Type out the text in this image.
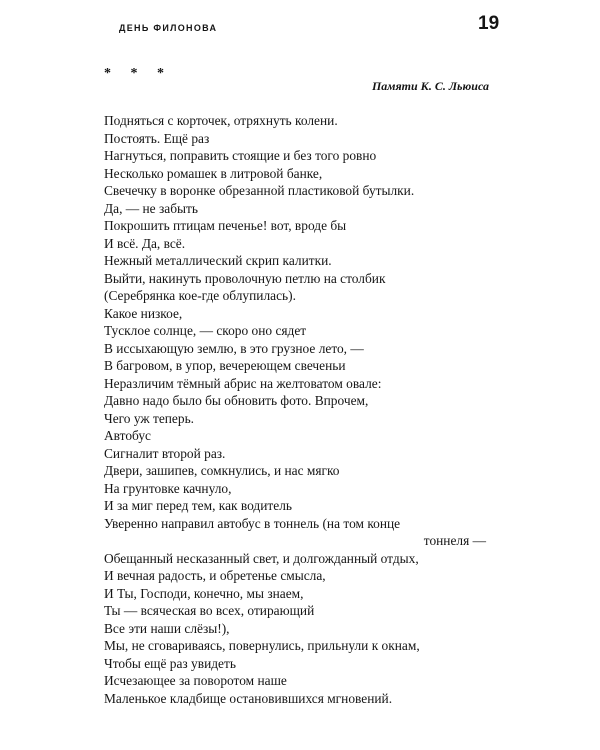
ДЕНЬ ФИЛОНОВА	19
* * *
Памяти К. С. Льюиса
Подняться с корточек, отряхнуть колени.
Постоять. Ещё раз
Нагнуться, поправить стоящие и без того ровно
Несколько ромашек в литровой банке,
Свечечку в воронке обрезанной пластиковой бутылки.
Да, — не забыть
Покрошить птицам печенье! вот, вроде бы
И всё. Да, всё.
Нежный металлический скрип калитки.
Выйти, накинуть проволочную петлю на столбик
(Серебрянка кое-где облупилась).
Какое низкое,
Тусклое солнце, — скоро оно сядет
В иссыхающую землю, в это грузное лето, —
В багровом, в упор, вечереющем свеченьи
Неразличим тёмный абрис на желтоватом овале:
Давно надо было бы обновить фото. Впрочем,
Чего уж теперь.
Автобус
Сигналит второй раз.
Двери, зашипев, сомкнулись, и нас мягко
На грунтовке качнуло,
И за миг перед тем, как водитель
Уверенно направил автобус в тоннель (на том конце
тоннеля —
Обещанный несказанный свет, и долгожданный отдых,
И вечная радость, и обретенье смысла,
И Ты, Господи, конечно, мы знаем,
Ты — всяческая во всех, отирающий
Все эти наши слёзы!),
Мы, не сговариваясь, повернулись, прильнули к окнам,
Чтобы ещё раз увидеть
Исчезающее за поворотом наше
Маленькое кладбище остановившихся мгновений.
